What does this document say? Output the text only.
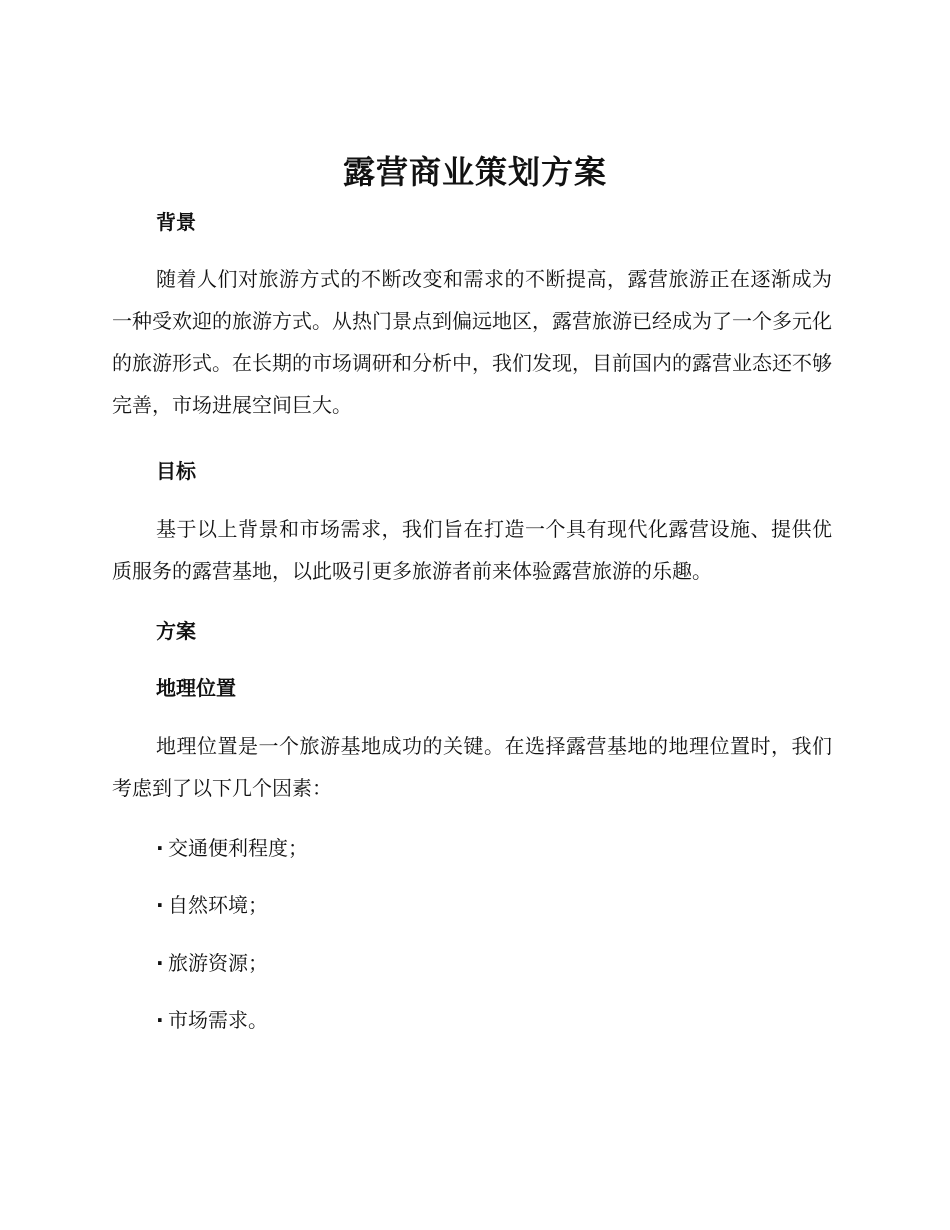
露营商业策划方案
背景

随着人们对旅游方式的不断改变和需求的不断提高，露营旅游正在逐渐成为一种受欢迎的旅游方式。从热门景点到偏远地区，露营旅游已经成为了一个多元化的旅游形式。在长期的市场调研和分析中，我们发现，目前国内的露营业态还不够完善，市场进展空间巨大。

目标

基于以上背景和市场需求，我们旨在打造一个具有现代化露营设施、提供优质服务的露营基地，以此吸引更多旅游者前来体验露营旅游的乐趣。

方案
地理位置

地理位置是一个旅游基地成功的关键。在选择露营基地的地理位置时，我们考虑到了以下几个因素：

· 交通便利程度；

· 自然环境；

· 旅游资源；

· 市场需求。
